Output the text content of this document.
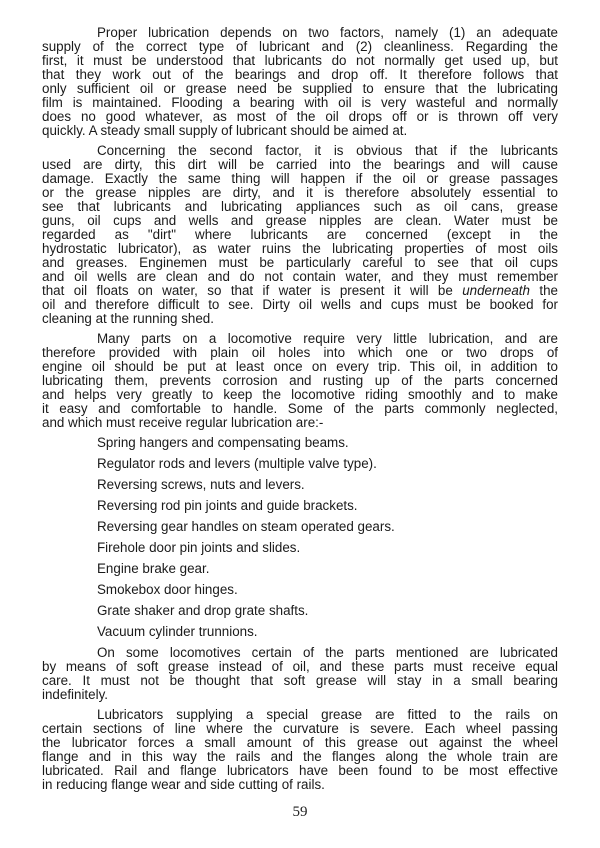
Proper lubrication depends on two factors, namely (1) an adequate
supply of the correct type of lubricant and (2) cleanliness. Regarding the
first, it must be understood that lubricants do not normally get used up, but
that they work out of the bearings and drop off. It therefore follows that
only sufficient oil or grease need be supplied to ensure that the lubricating
film is maintained. Flooding a bearing with oil is very wasteful and normally
does no good whatever, as most of the oil drops off or is thrown off very
quickly. A steady small supply of lubricant should be aimed at.
Concerning the second factor, it is obvious that if the lubricants
used are dirty, this dirt will be carried into the bearings and will cause
damage. Exactly the same thing will happen if the oil or grease passages
or the grease nipples are dirty, and it is therefore absolutely essential to
see that lubricants and lubricating appliances such as oil cans, grease
guns, oil cups and wells and grease nipples are clean. Water must be
regarded as "dirt" where lubricants are concerned (except in the
hydrostatic lubricator), as water ruins the lubricating properties of most oils
and greases. Enginemen must be particularly careful to see that oil cups
and oil wells are clean and do not contain water, and they must remember
that oil floats on water, so that if water is present it will be underneath the
oil and therefore difficult to see. Dirty oil wells and cups must be booked for
cleaning at the running shed.
Many parts on a locomotive require very little lubrication, and are
therefore provided with plain oil holes into which one or two drops of
engine oil should be put at least once on every trip. This oil, in addition to
lubricating them, prevents corrosion and rusting up of the parts concerned
and helps very greatly to keep the locomotive riding smoothly and to make
it easy and comfortable to handle. Some of the parts commonly neglected,
and which must receive regular lubrication are:-
Spring hangers and compensating beams.
Regulator rods and levers (multiple valve type).
Reversing screws, nuts and levers.
Reversing rod pin joints and guide brackets.
Reversing gear handles on steam operated gears.
Firehole door pin joints and slides.
Engine brake gear.
Smokebox door hinges.
Grate shaker and drop grate shafts.
Vacuum cylinder trunnions.
On some locomotives certain of the parts mentioned are lubricated
by means of soft grease instead of oil, and these parts must receive equal
care. It must not be thought that soft grease will stay in a small bearing
indefinitely.
Lubricators supplying a special grease are fitted to the rails on
certain sections of line where the curvature is severe. Each wheel passing
the lubricator forces a small amount of this grease out against the wheel
flange and in this way the rails and the flanges along the whole train are
lubricated. Rail and flange lubricators have been found to be most effective
in reducing flange wear and side cutting of rails.
59
